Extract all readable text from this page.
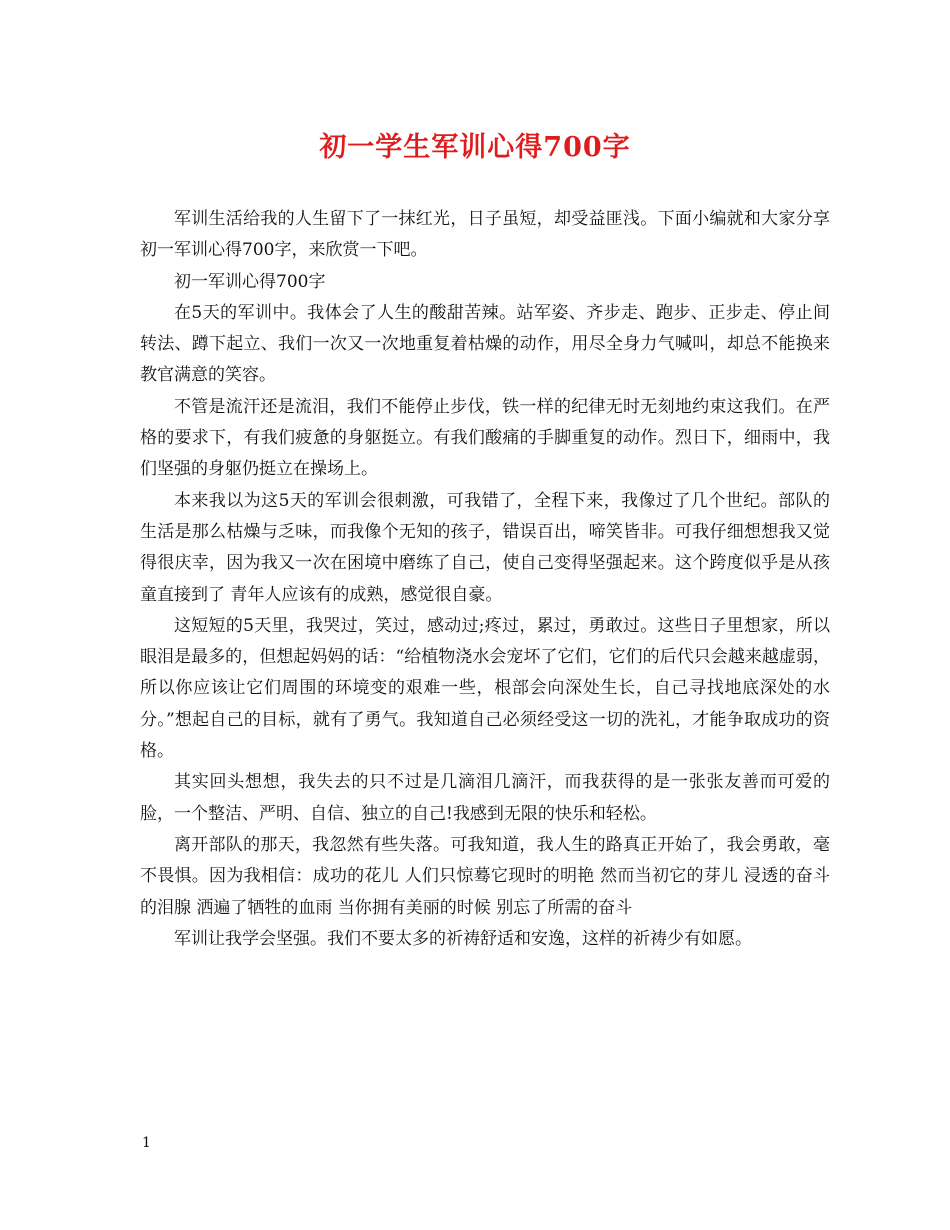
初一学生军训心得700字

军训生活给我的人生留下了一抹红光，日子虽短，却受益匪浅。下面小编就和大家分享初一军训心得700字，来欣赏一下吧。

初一军训心得700字

在5天的军训中。我体会了人生的酸甜苦辣。站军姿、齐步走、跑步、正步走、停止间转法、蹲下起立、我们一次又一次地重复着枯燥的动作，用尽全身力气喊叫，却总不能换来教官满意的笑容。

不管是流汗还是流泪，我们不能停止步伐，铁一样的纪律无时无刻地约束这我们。在严格的要求下，有我们疲惫的身躯挺立。有我们酸痛的手脚重复的动作。烈日下，细雨中，我们坚强的身躯仍挺立在操场上。

本来我以为这5天的军训会很刺激，可我错了，全程下来，我像过了几个世纪。部队的生活是那么枯燥与乏味，而我像个无知的孩子，错误百出，啼笑皆非。可我仔细想想我又觉得很庆幸，因为我又一次在困境中磨练了自己，使自己变得坚强起来。这个跨度似乎是从孩童直接到了 青年人应该有的成熟，感觉很自豪。

这短短的5天里，我哭过，笑过，感动过;疼过，累过，勇敢过。这些日子里想家，所以眼泪是最多的，但想起妈妈的话：“给植物浇水会宠坏了它们，它们的后代只会越来越虚弱，所以你应该让它们周围的环境变的艰难一些，根部会向深处生长，自己寻找地底深处的水分。”想起自己的目标，就有了勇气。我知道自己必须经受这一切的洗礼，才能争取成功的资格。

其实回头想想，我失去的只不过是几滴泪几滴汗，而我获得的是一张张友善而可爱的脸，一个整洁、严明、自信、独立的自己!我感到无限的快乐和轻松。

离开部队的那天，我忽然有些失落。可我知道，我人生的路真正开始了，我会勇敢，毫不畏惧。因为我相信：成功的花儿 人们只惊蓦它现时的明艳 然而当初它的芽儿 浸透的奋斗的泪腺 洒遍了牺牲的血雨 当你拥有美丽的时候 别忘了所需的奋斗

军训让我学会坚强。我们不要太多的祈祷舒适和安逸，这样的祈祷少有如愿。

1
